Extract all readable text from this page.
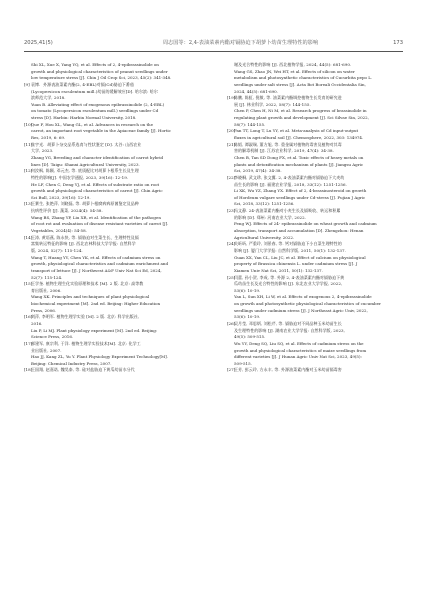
2025,41(5)	周志国等：2,4-表油菜素内酯对镉胁迫下胡萝卜幼苗生理特性的影响	173
Shi XL, Xue X, Yang YQ, et al. Effects of 2, 4-epibrassinolide on
growth and physiological characteristics of peanut seedlings under
low temperature stress [J]. Chin J Oil Crop Sci, 2023, 45(2): 341-348.
[9] 袁博．外源表油菜素内酯(2, 4-EBL)对镉(Cd)胁迫下番茄
(Lycopersicon esculentum mill.)幼苗的缓解效应[D]. 哈尔滨: 哈尔
滨师范大学, 2018.
Yuan B. Alleviating effect of exogenous epibrassinolide (2, 4-EBL)
on tomato (Lycopersicon esculentum mill.) seedlings under Cd
stress [D]. Harbin: Harbin Normal University, 2018.
[10]
Que F, Hou XL, Wang GL, et al. Advances in research on the
carrot, an important root vegetable in the Apiaceae family [J]. Hortic
Res, 2019, 6: 69.
[11]
张宇光．胡萝卜杂交品系选育与性状鉴定 [D]. 太谷: 山西农业
大学, 2023.
Zhang YG, Breeding and character identification of carrot hybrid
lines [D]. Taigu: Shanxi Agricultural University, 2023.
[12]
何汝枫, 陈颖, 邓元杰, 等. 底质配比对胡萝卜根系生长及生理
特性的影响[J]. 中国农学通报, 2023, 39(16): 12-19.
He LF, Chen C, Deng YJ, et al. Effects of substrate ratio on root
growth and physiological characteristics of carrot [J]. Chin Agric
Sci Bull, 2023, 39(16): 12-19.
[13]
王赛生, 张艳萍, 刘晓磊, 等. 胡萝卜根腐病病原菌鉴定及品种
抗病性评价 [J]. 蔬菜, 2024(4): 54-58.
Wang BS, Zhang YP, Liu XR, et al. Identification of the pathogen
of root rot and evaluation of disease resistant varieties of carrot [J].
Vegetables, 2024(4): 54-58.
[14]
王涛, 黄语燕, 陈永快, 等. 镉胁迫对生菜生长、生理特性及镉
富集转运特征的影响 [J]. 西北农林科技大学学报: 自然科学
版, 2024, 52(7): 115-124.
Wang T, Huang YY, Chen YK, et al. Effects of cadmium stress on
growth, physiological characteristics and cadmium enrichment and
transport of lettuce [J]. J Northwest A&F Univ Nat Sci Ed, 2024,
52(7): 115-124.
[15]
王学奎. 植物生理生化实验原理和技术 [M]. 2 版. 北京: 高等教
育出版社, 2006.
Wang XK. Principles and techniques of plant physiological
biochemical experiment [M]. 2nd ed. Beijing: Higher Education
Press, 2006.
[16]
刘萍, 李明军. 植物生理学实验 [M]. 2 版. 北京: 科学出版社,
2016.
Liu P, Li MJ. Plant physiology experiment [M]. 2nd ed. Beijing:
Science Press, 2016.
[17]
郝建军, 康宗利, 于洋. 植物生理学实验技术[M]. 北京: 化学工
业出版社, 2007.
Hao JJ, Kang ZL, Yu Y. Plant Physiology Experiment Technology[M].
Beijing: Chemical Industry Press, 2007.
[18]
王国翔, 赵嘉诺, 魏昊泰, 等. 硅对盐胁迫下黄瓜幼苗水分代
谢及光合特性的影响 [J]. 西北植物学报, 2024, 44(5): 681-690.
Wang GS, Zhao JN, Wei HT, et al. Effects of silicon on water
metabolism and photosynthetic characteristics of Cucurbita pepo L.
seedlings under salt stress [J]. Acta Bot Boreali Occidentalia Sin,
2024, 44(5): 681-690.
[19]
陈鹏, 陈虹, 倪敏, 等. 油菜素内酯调控植物生长发育的研究进
展 [J]. 林业科学, 2022, 58(7): 144-155.
Chen P, Chen H, Ni M, et al. Research progress of brassinolide in
regulating plant growth and development [J]. Sci Silvae Sin, 2022,
58(7): 144-155.
[20]
Fan TT, Long T, Lu YY, et al. Meta-analysis of Cd input-output
fluxes in agricultural soil [J]. Chemosphere, 2022, 303: 134974.
[21]
陈韬, 谭淑瑞, 董方旭, 等. 重金属对植物的毒害及植物对其毒
害的解毒机制 [J]. 江苏农业科学, 2019, 47(4): 34-38.
Chen B, Tan SD Dong FX, et al. Toxic effects of heavy metals on
plants and detoxification mechanism of plants [J]. Jiangsu Agric
Sci, 2019, 47(4): 34-38.
[22]
李晓桐, 武文珍, 张文翼. 2, 4-表油菜素内酯对镉胁迫下大麦幼
苗生长的影响 [J]. 福建农业学报, 2018, 33(12): 1251-1256.
Li XK, Wu YZ, Zhang YX. Effect of 2, 4-brassinosteroid on growth
of Hordeum vulgare seedlings under Cd-stress [J]. Fujian J Agric
Sci, 2018, 33(12): 1251-1256.
[23]
冯文静. 24-表油菜素内酯对小麦生长及镉吸收、转运和积累
的影响 [D]. 郑州: 河南农业大学, 2022.
Feng WJ. Effects of 24- epibrassinolide on wheat growth and cadmium
absorption, transport and accumulation [D]. Zhengzhou: Henan
Agricultural University, 2022.
[24]
关昕昕, 严重玲, 刘景春, 等. 钙对镉胁迫下小白菜生理特性的
影响 [J]. 厦门大学学报: 自然科学版, 2011, 50(1): 132-137.
Guan XX, Yan CL, Liu JC, et al. Effect of calcium on physiological
property of Brassica chinensis L. under cadmium stress [J]. J
Xiamen Univ Nat Sci, 2011, 50(1): 132-137.
[25]
闫蕾, 孙小贺, 李成, 等. 外源 2, 4-表油菜素内酯对镉胁迫下黄
瓜幼苗生长及光合特性的影响 [J]. 东北农业大学学报, 2022,
53(6): 10-19.
Yan L, Sun XH, Li W, et al. Effects of exogenous 2, 4-epibrassinolide
on growth and photosynthetic physiological characteristics of cucumber
seedlings under cadmium stress [J]. J Northeast Agric Univ, 2022,
53(6): 10-19.
[26]
吴月莹, 邓思炳, 刘松芹, 等. 镉胁迫对不同品种玉米幼苗生长
及生理特性的影响 [J]. 湖南农业大学学报: 自然科学版, 2023,
49(5): 509-515.
Wu YY, Deng SQ, Liu SQ, et al. Effects of cadmium stress on the
growth and physiological characteristics of maize seedlings from
different varieties [J]. J Hunan Agric Univ Nat Sci, 2023, 49(5):
509-515.
[27]
王芳, 彭云玲, 方永丰, 等. 外源油菜素内酯对玉米幼苗镉毒害
